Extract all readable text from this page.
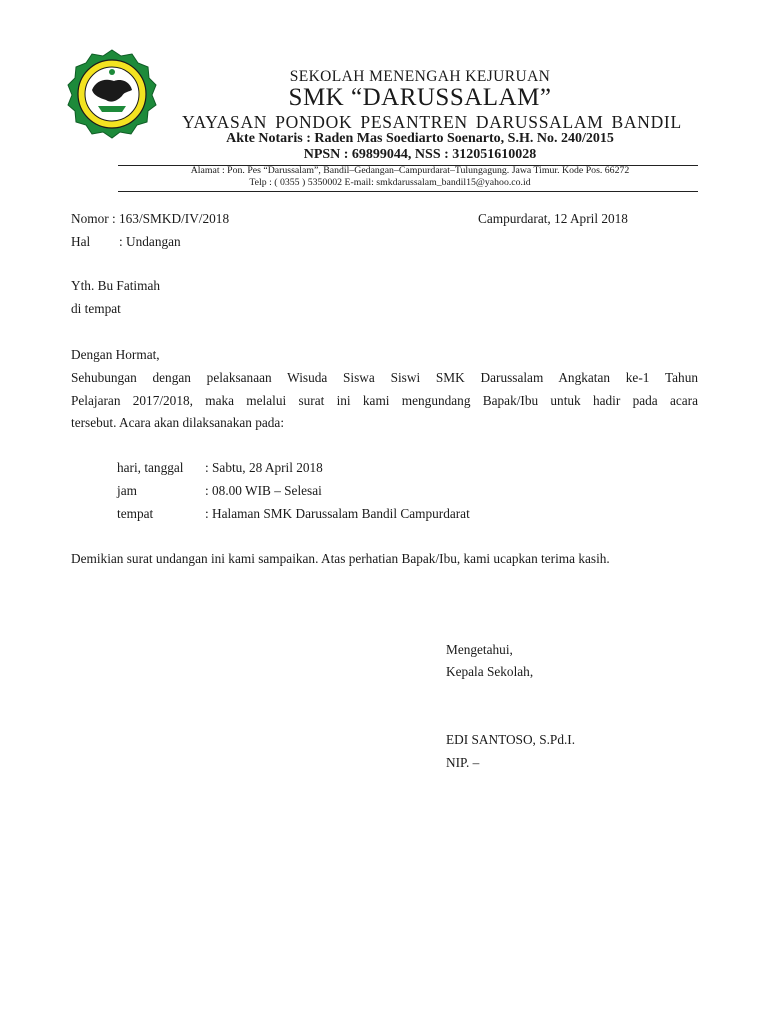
SEKOLAH MENENGAH KEJURUAN
SMK “DARUSSALAM”
YAYASAN PONDOK PESANTREN DARUSSALAM BANDIL
Akte Notaris : Raden Mas Soediarto Soenarto, S.H. No. 240/2015
NPSN : 69899044, NSS : 312051610028
Alamat : Pon. Pes “Darussalam”, Bandil–Gedangan–Campurdarat–Tulungagung. Jawa Timur. Kode Pos. 66272
Telp : ( 0355 ) 5350002 E-mail: smkdarussalam_bandil15@yahoo.co.id
Nomor : 163/SMKD/IV/2018	Campurdarat, 12 April 2018
Hal : Undangan
Yth. Bu Fatimah
di tempat
Dengan Hormat,
Sehubungan dengan pelaksanaan Wisuda Siswa Siswi SMK Darussalam Angkatan ke-1 Tahun
Pelajaran 2017/2018, maka melalui surat ini kami mengundang Bapak/Ibu untuk hadir pada acara
tersebut. Acara akan dilaksanakan pada:
hari, tanggal : Sabtu, 28 April 2018
jam	: 08.00 WIB – Selesai
tempat	: Halaman SMK Darussalam Bandil Campurdarat
Demikian surat undangan ini kami sampaikan. Atas perhatian Bapak/Ibu, kami ucapkan terima kasih.
Mengetahui,
Kepala Sekolah,
EDI SANTOSO, S.Pd.I.
NIP. –
